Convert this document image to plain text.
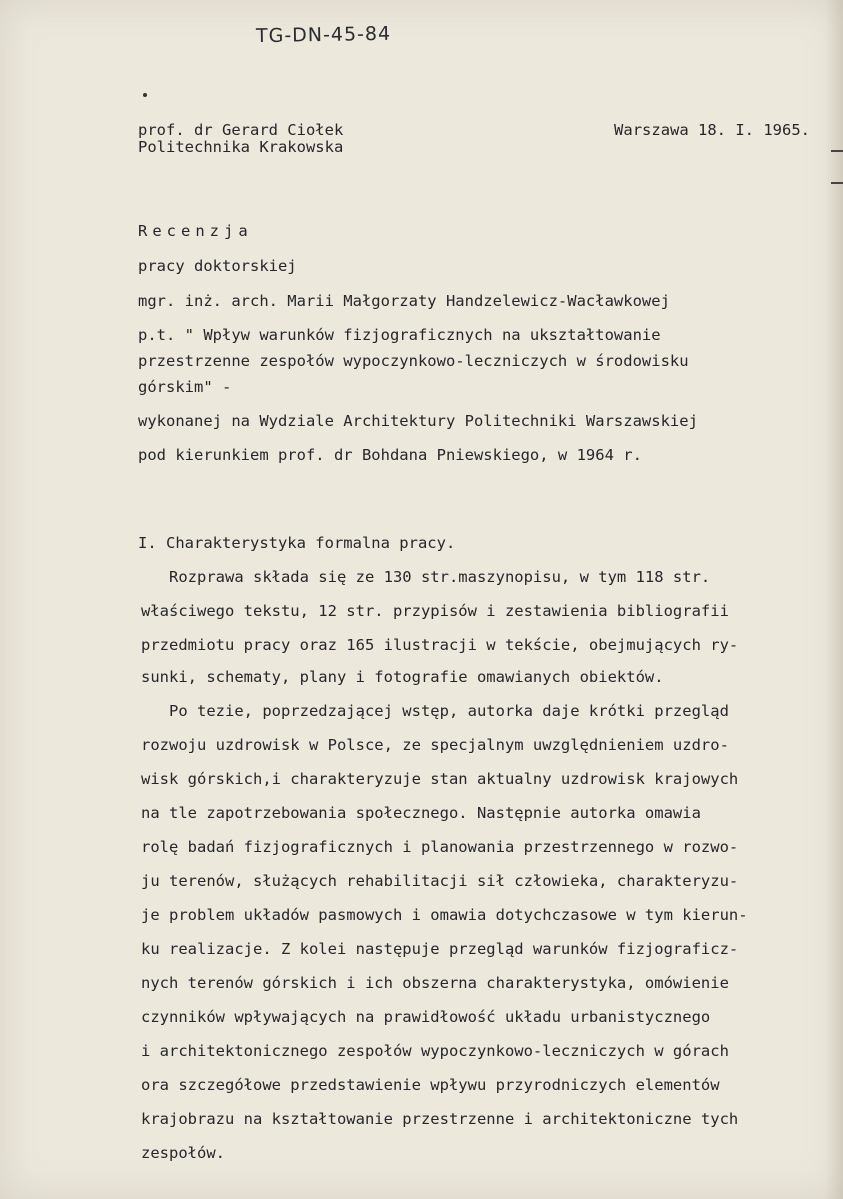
TG-DN-45-84
prof. dr Gerard Ciołek
Politechnika Krakowska
Warszawa 18. I. 1965.
Recenzja
pracy doktorskiej
mgr. inż. arch. Marii Małgorzaty Handzelewicz-Wacławkowej
p.t. " Wpływ warunków fizjograficznych na ukształtowanie
przestrzenne zespołów wypoczynkowo-leczniczych w środowisku
górskim" -
wykonanej na Wydziale Architektury Politechniki Warszawskiej
pod kierunkiem prof. dr Bohdana Pniewskiego, w 1964 r.
I. Charakterystyka formalna pracy.
Rozprawa składa się ze 130 str.maszynopisu, w tym 118 str.
właściwego tekstu, 12 str. przypisów i zestawienia bibliografii
przedmiotu pracy oraz 165 ilustracji w tekście, obejmujących ry-
sunki, schematy, plany i fotografie omawianych obiektów.
Po tezie, poprzedzającej wstęp, autorka daje krótki przegląd
rozwoju uzdrowisk w Polsce, ze specjalnym uwzględnieniem uzdro-
wisk górskich,i charakteryzuje stan aktualny uzdrowisk krajowych
na tle zapotrzebowania społecznego. Następnie autorka omawia
rolę badań fizjograficznych i planowania przestrzennego w rozwo-
ju terenów, służących rehabilitacji sił człowieka, charakteryzu-
je problem układów pasmowych i omawia dotychczasowe w tym kierun-
ku realizacje. Z kolei następuje przegląd warunków fizjograficz-
nych terenów górskich i ich obszerna charakterystyka, omówienie
czynników wpływających na prawidłowość układu urbanistycznego
i architektonicznego zespołów wypoczynkowo-leczniczych w górach
ora szczegółowe przedstawienie wpływu przyrodniczych elementów
krajobrazu na kształtowanie przestrzenne i architektoniczne tych
zespołów.
